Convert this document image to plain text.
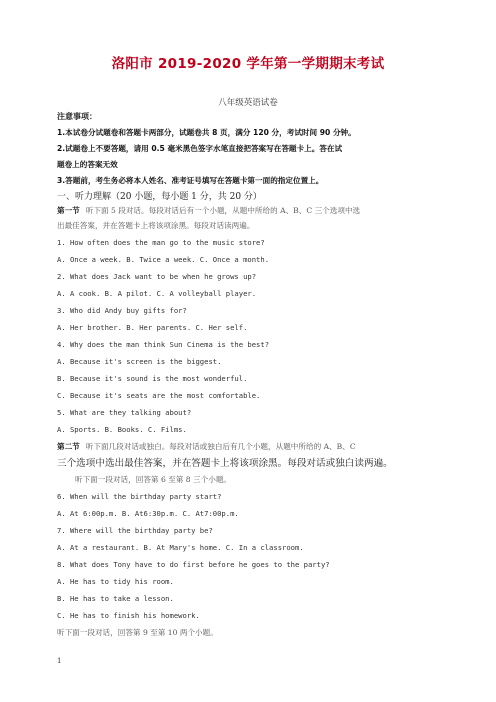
洛阳市 2019-2020 学年第一学期期末考试
八年级英语试卷
注意事项：
1.本试卷分试题卷和答题卡两部分，试题卷共 8 页，满分 120 分，考试时间 90 分钟。
2.试题卷上不要答题，请用 0.5 毫米黑色签字水笔直接把答案写在答题卡上。答在试
题卷上的答案无效
3.答题前，考生务必将本人姓名、准考证号填写在答题卡第一面的指定位置上。
一、听力理解（20 小题，每小题 1 分，共 20 分）
第一节 听下面 5 段对话。每段对话后有一个小题，从题中所给的 A、B、C 三个选项中选
出最佳答案，并在答题卡上将该项涂黑。每段对话读两遍。
1. How often does the man go to the music store?
A. Once a week. B. Twice a week. C. Once a month.
2. What does Jack want to be when he grows up?
A. A cook. B. A pilot. C. A volleyball player.
3. Who did Andy buy gifts for?
A. Her brother. B. Her parents. C. Her self.
4. Why does the man think Sun Cinema is the best?
A. Because it's screen is the biggest.
B. Because it's sound is the most wonderful.
C. Because it's seats are the most comfortable.
5. What are they talking about?
A. Sports. B. Books. C. Films.
第二节 听下面几段对话或独白。每段对话或独白后有几个小题，从题中所给的 A、B、C
三个选项中选出最佳答案，并在答题卡上将该项涂黑。每段对话或独白读两遍。
听下面一段对话，回答第 6 至第 8 三个小题。
6. When will the birthday party start?
A. At 6:00p.m. B. At6:30p.m. C. At7:00p.m.
7. Where will the birthday party be?
A. At a restaurant. B. At Mary's home. C. In a classroom.
8. What does Tony have to do first before he goes to the party?
A. He has to tidy his room.
B. He has to take a lesson.
C. He has to finish his homework.
听下面一段对话，回答第 9 至第 10 两个小题。
1
